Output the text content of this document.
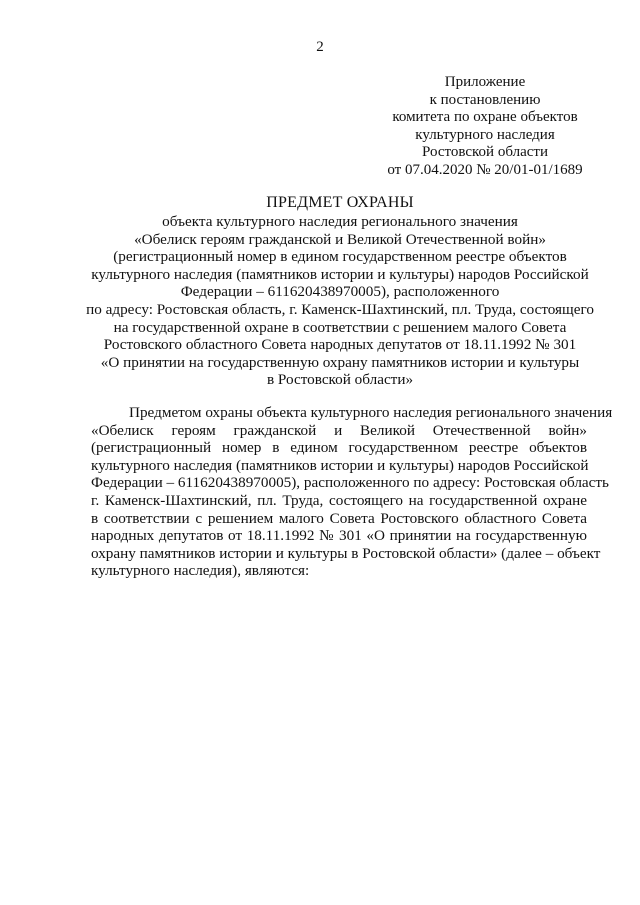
2
Приложение
к постановлению
комитета по охране объектов
культурного наследия
Ростовской области
от 07.04.2020 № 20/01-01/1689
ПРЕДМЕТ ОХРАНЫ
объекта культурного наследия регионального значения
«Обелиск героям гражданской и Великой Отечественной войн»
(регистрационный номер в едином государственном реестре объектов
культурного наследия (памятников истории и культуры) народов Российской
Федерации – 611620438970005), расположенного
по адресу: Ростовская область, г. Каменск-Шахтинский, пл. Труда, состоящего
на государственной охране в соответствии с решением малого Совета
Ростовского областного Совета народных депутатов от 18.11.1992 № 301
«О принятии на государственную охрану памятников истории и культуры
в Ростовской области»
Предметом охраны объекта культурного наследия регионального значения
«Обелиск героям гражданской и Великой Отечественной войн»
(регистрационный номер в едином государственном реестре объектов
культурного наследия (памятников истории и культуры) народов Российской
Федерации – 611620438970005), расположенного по адресу: Ростовская область
г. Каменск-Шахтинский, пл. Труда, состоящего на государственной охране
в соответствии с решением малого Совета Ростовского областного Совета
народных депутатов от 18.11.1992 № 301 «О принятии на государственную
охрану памятников истории и культуры в Ростовской области» (далее – объект
культурного наследия), являются:
